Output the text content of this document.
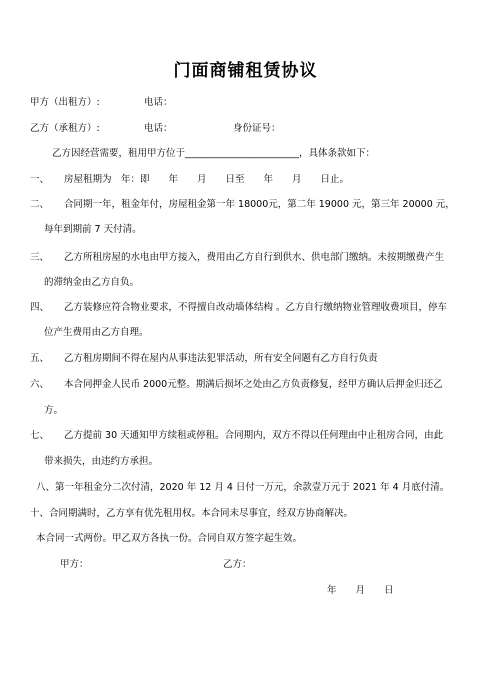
门面商铺租赁协议
甲方（出租方）:	电话：
乙方（承租方）:	电话：	身份证号：
乙方因经营需要，租用甲方位于________________________，具体条款如下：
一、 房屋租期为　年：即　　年　　月　　日至　　年　　月　　日止。
二、 合同期一年，租金年付，房屋租金第一年 18000元，第二年 19000 元，第三年 20000 元，
每年到期前 7 天付清。
三、 乙方所租房屋的水电由甲方接入，费用由乙方自行到供水、供电部门缴纳。未按期缴费产生
的滞纳金由乙方自负。
四、 乙方装修应符合物业要求，不得擅自改动墙体结构 。乙方自行缴纳物业管理收费项目，停车
位产生费用由乙方自理。
五、 乙方租房期间不得在屋内从事违法犯罪活动，所有安全问题有乙方自行负责
六、 本合同押金人民币 2000元整。期满后损坏之处由乙方负责修复，经甲方确认后押金归还乙
方。
七、 乙方提前 30 天通知甲方续租或停租。合同期内，双方不得以任何理由中止租房合同，由此
带来损失，由违约方承担。
八、第一年租金分二次付清，2020 年 12 月 4 日付一万元，余款壹万元于 2021 年 4 月底付清。
十、合同期满时，乙方享有优先租用权。本合同未尽事宜，经双方协商解决。
本合同一式两份。甲乙双方各执一份。合同自双方签字起生效。
甲方：	乙方：
年　　月　　日
